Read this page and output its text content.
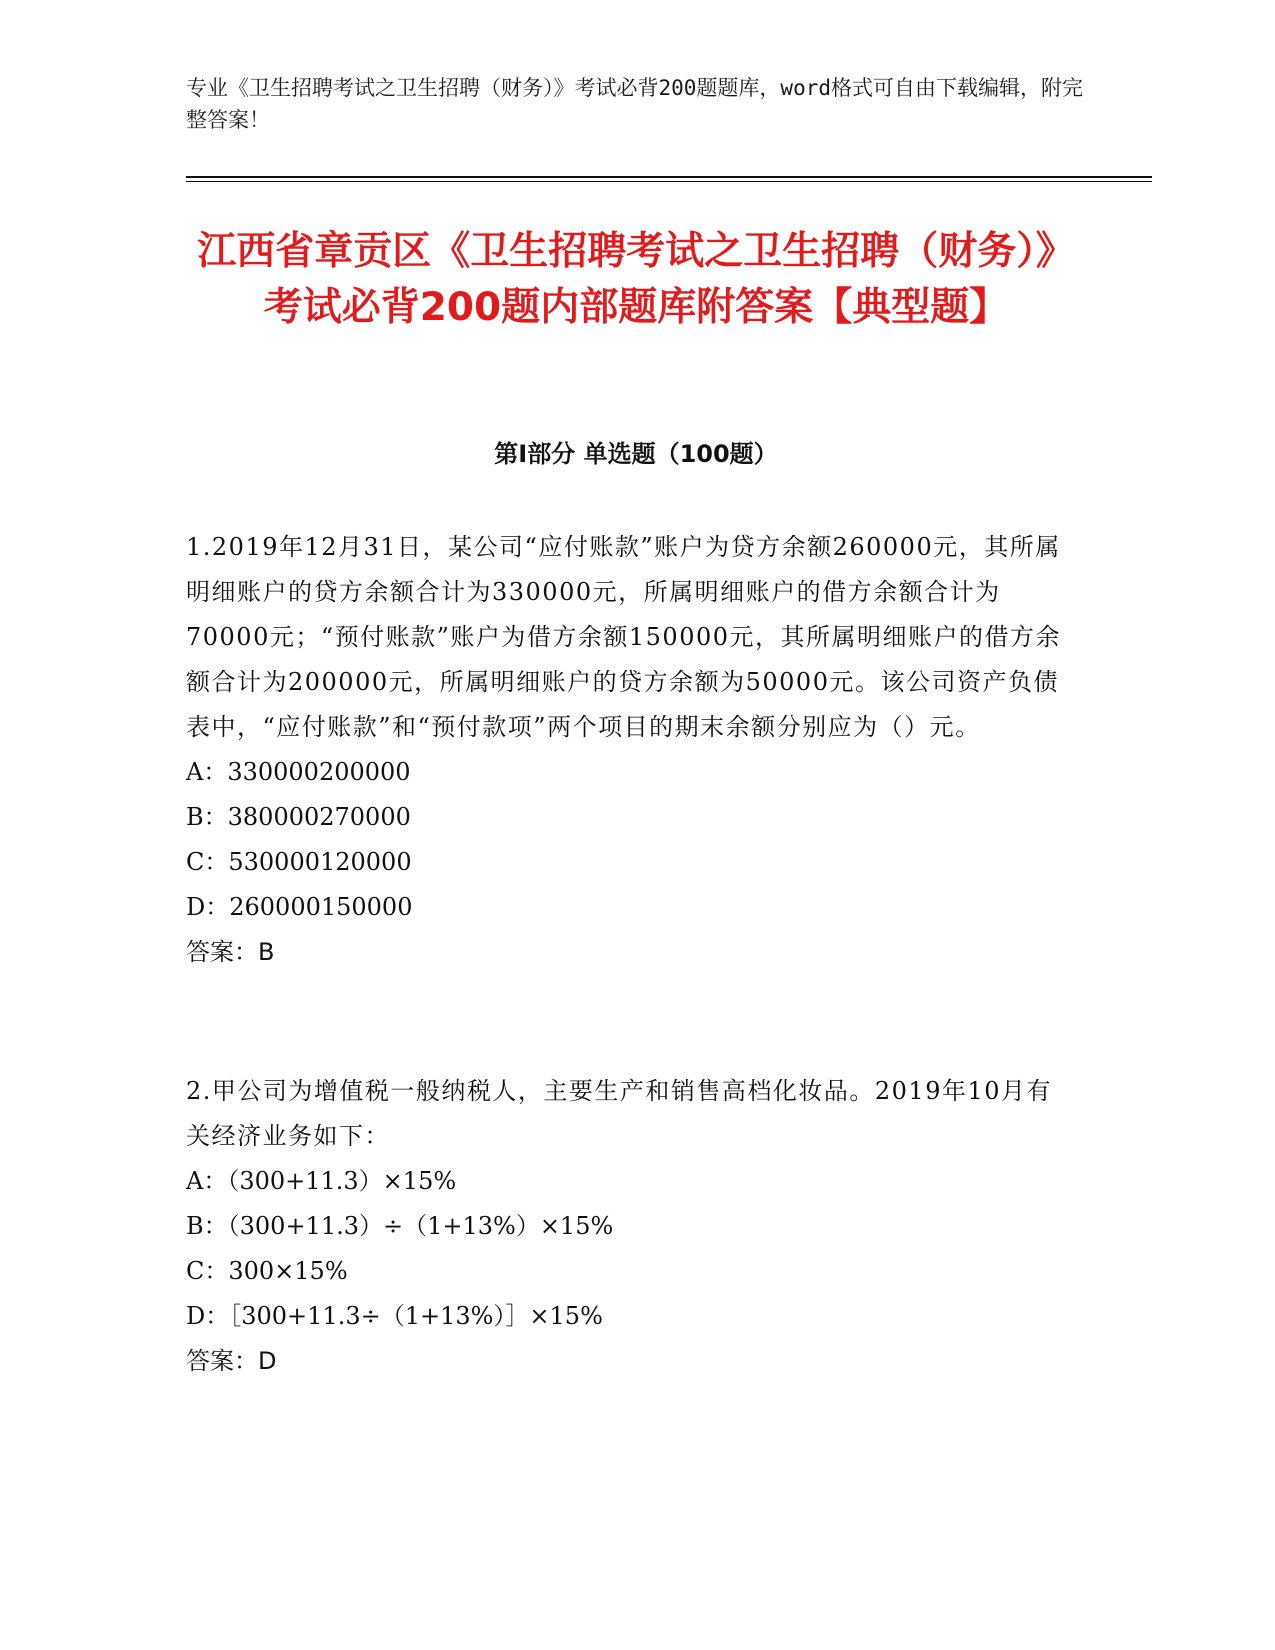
专业《卫生招聘考试之卫生招聘（财务）》考试必背200题题库，word格式可自由下载编辑，附完整答案！
江西省章贡区《卫生招聘考试之卫生招聘（财务）》考试必背200题内部题库附答案【典型题】
第Ⅰ部分 单选题（100题）

1.2019年12月31日，某公司“应付账款”账户为贷方余额260000元，其所属明细账户的贷方余额合计为330000元，所属明细账户的借方余额合计为70000元；“预付账款”账户为借方余额150000元，其所属明细账户的借方余额合计为200000元，所属明细账户的贷方余额为50000元。该公司资产负债表中，“应付账款”和“预付款项”两个项目的期末余额分别应为（）元。

A：330000200000

B：380000270000

C：530000120000

D：260000150000

答案：B

2.甲公司为增值税一般纳税人，主要生产和销售高档化妆品。2019年10月有关经济业务如下：

A：（300+11.3）×15%

B：（300+11.3）÷（1+13%）×15%

C：300×15%

D：［300+11.3÷（1+13%）］×15%

答案：D
